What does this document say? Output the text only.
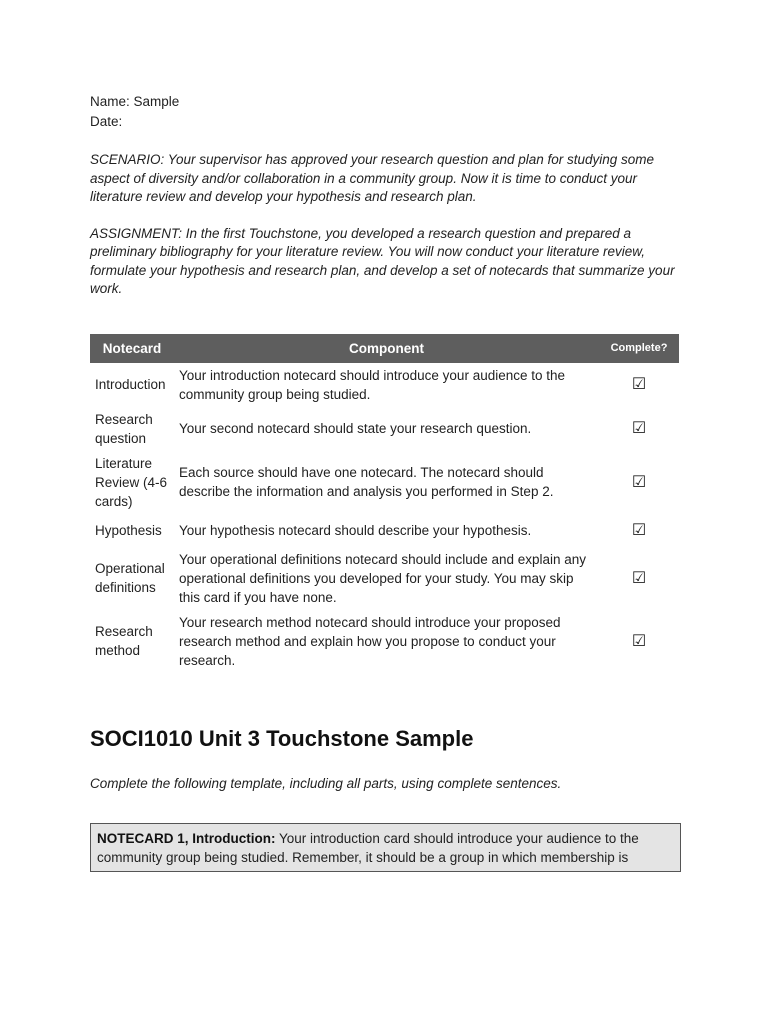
Name: Sample

Date:

SCENARIO: Your supervisor has approved your research question and plan for studying some aspect of diversity and/or collaboration in a community group. Now it is time to conduct your literature review and develop your hypothesis and research plan.

ASSIGNMENT: In the first Touchstone, you developed a research question and prepared a preliminary bibliography for your literature review. You will now conduct your literature review, formulate your hypothesis and research plan, and develop a set of notecards that summarize your work.

Notecard	Component	Complete?
Introduction	Your introduction notecard should introduce your audience to the community group being studied.	☑
Research question	Your second notecard should state your research question.	☑
Literature Review (4-6 cards)	Each source should have one notecard. The notecard should describe the information and analysis you performed in Step 2.	☑
Hypothesis	Your hypothesis notecard should describe your hypothesis.	☑
Operational definitions	Your operational definitions notecard should include and explain any operational definitions you developed for your study. You may skip this card if you have none.	☑
Research method	Your research method notecard should introduce your proposed research method and explain how you propose to conduct your research.	☑
SOCI1010 Unit 3 Touchstone Sample

Complete the following template, including all parts, using complete sentences.

NOTECARD 1, Introduction: Your introduction card should introduce your audience to the community group being studied. Remember, it should be a group in which membership is
